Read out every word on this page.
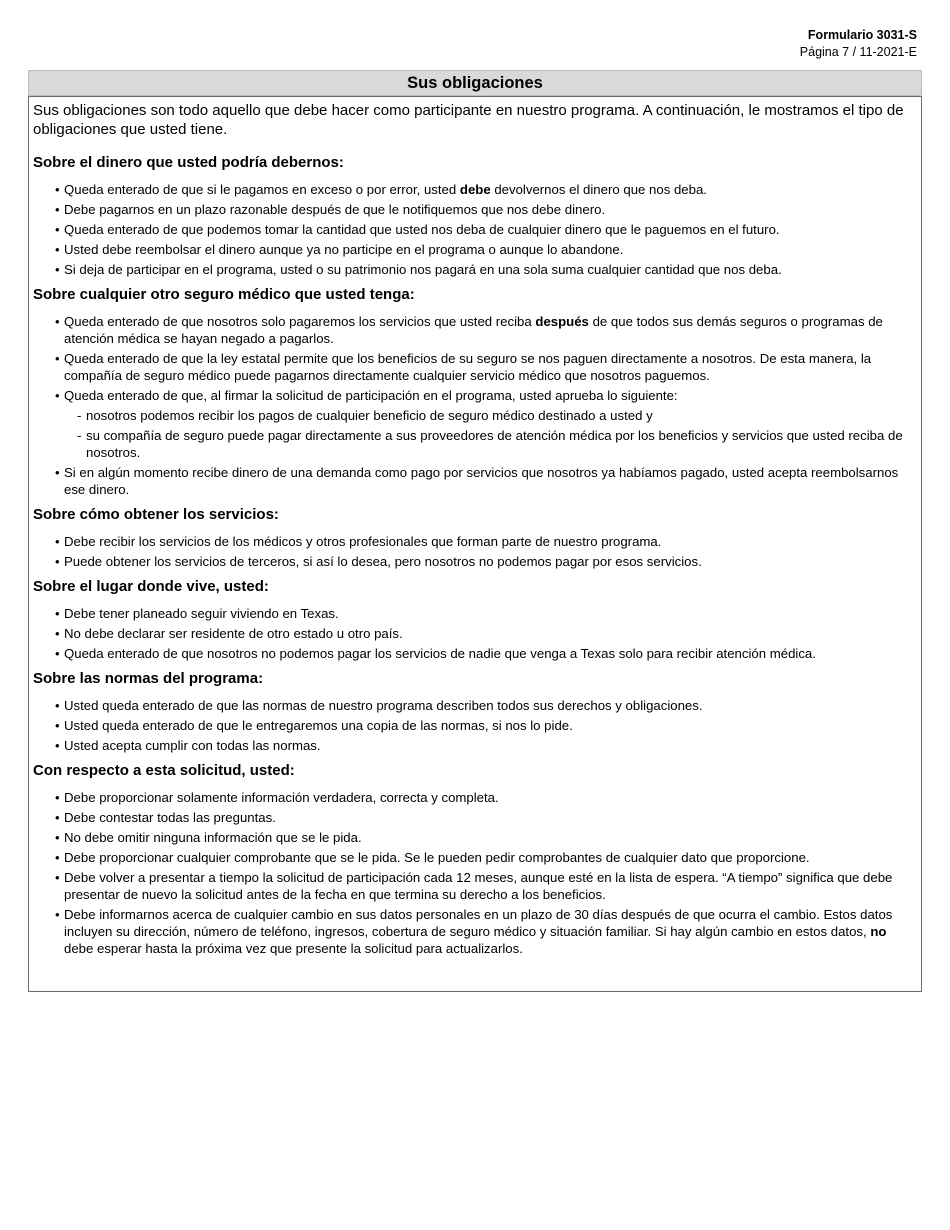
Formulario 3031-S
Página 7 / 11-2021-E
Sus obligaciones

Sus obligaciones son todo aquello que debe hacer como participante en nuestro programa. A continuación, le mostramos el tipo de obligaciones que usted tiene.

Sobre el dinero que usted podría debernos:
• Queda enterado de que si le pagamos en exceso o por error, usted debe devolvernos el dinero que nos deba.
• Debe pagarnos en un plazo razonable después de que le notifiquemos que nos debe dinero.
• Queda enterado de que podemos tomar la cantidad que usted nos deba de cualquier dinero que le paguemos en el futuro.
• Usted debe reembolsar el dinero aunque ya no participe en el programa o aunque lo abandone.
• Si deja de participar en el programa, usted o su patrimonio nos pagará en una sola suma cualquier cantidad que nos deba.
Sobre cualquier otro seguro médico que usted tenga:
• Queda enterado de que nosotros solo pagaremos los servicios que usted reciba después de que todos sus demás seguros o programas de atención médica se hayan negado a pagarlos.
• Queda enterado de que la ley estatal permite que los beneficios de su seguro se nos paguen directamente a nosotros. De esta manera, la compañía de seguro médico puede pagarnos directamente cualquier servicio médico que nosotros paguemos.
• Queda enterado de que, al firmar la solicitud de participación en el programa, usted aprueba lo siguiente:
- nosotros podemos recibir los pagos de cualquier beneficio de seguro médico destinado a usted y
- su compañía de seguro puede pagar directamente a sus proveedores de atención médica por los beneficios y servicios que usted reciba de nosotros.
• Si en algún momento recibe dinero de una demanda como pago por servicios que nosotros ya habíamos pagado, usted acepta reembolsarnos ese dinero.
Sobre cómo obtener los servicios:
• Debe recibir los servicios de los médicos y otros profesionales que forman parte de nuestro programa.
• Puede obtener los servicios de terceros, si así lo desea, pero nosotros no podemos pagar por esos servicios.
Sobre el lugar donde vive, usted:
• Debe tener planeado seguir viviendo en Texas.
• No debe declarar ser residente de otro estado u otro país.
• Queda enterado de que nosotros no podemos pagar los servicios de nadie que venga a Texas solo para recibir atención médica.
Sobre las normas del programa:
• Usted queda enterado de que las normas de nuestro programa describen todos sus derechos y obligaciones.
• Usted queda enterado de que le entregaremos una copia de las normas, si nos lo pide.
• Usted acepta cumplir con todas las normas.
Con respecto a esta solicitud, usted:
• Debe proporcionar solamente información verdadera, correcta y completa.
• Debe contestar todas las preguntas.
• No debe omitir ninguna información que se le pida.
• Debe proporcionar cualquier comprobante que se le pida. Se le pueden pedir comprobantes de cualquier dato que proporcione.
• Debe volver a presentar a tiempo la solicitud de participación cada 12 meses, aunque esté en la lista de espera. “A tiempo” significa que debe presentar de nuevo la solicitud antes de la fecha en que termina su derecho a los beneficios.
• Debe informarnos acerca de cualquier cambio en sus datos personales en un plazo de 30 días después de que ocurra el cambio. Estos datos incluyen su dirección, número de teléfono, ingresos, cobertura de seguro médico y situación familiar. Si hay algún cambio en estos datos, no debe esperar hasta la próxima vez que presente la solicitud para actualizarlos.
